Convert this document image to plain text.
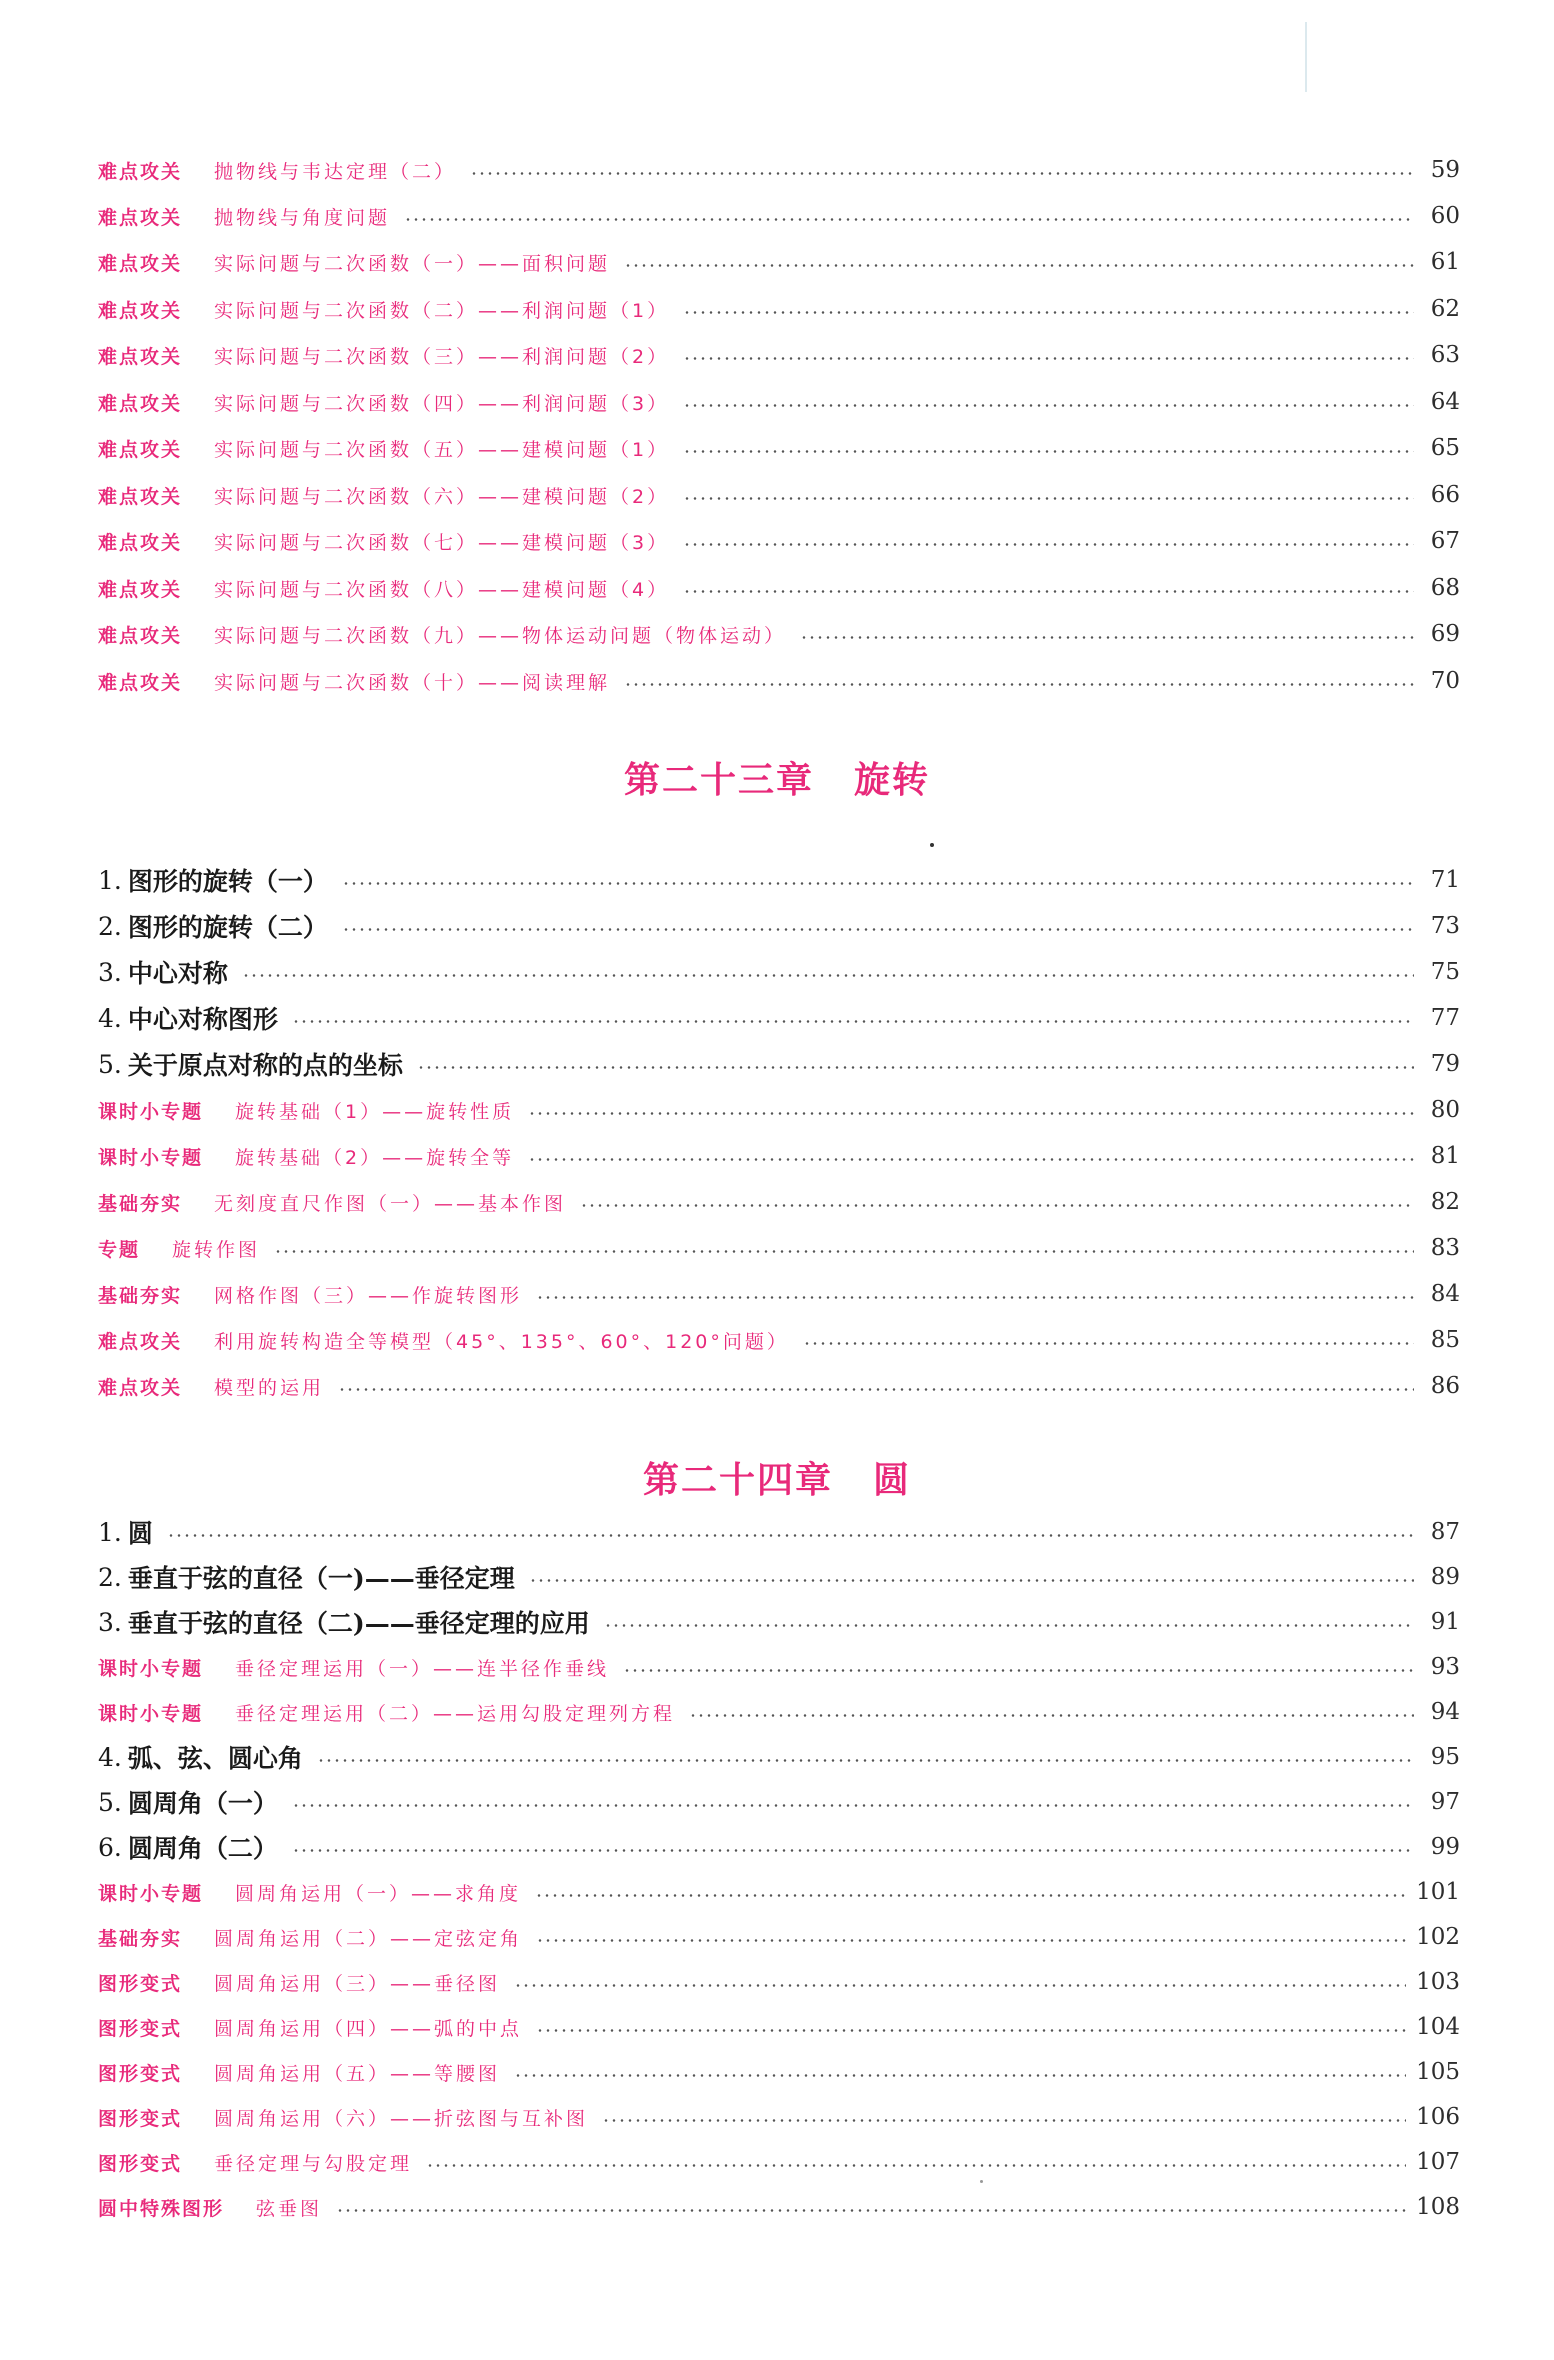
难点攻关 抛物线与韦达定理（二）	59
难点攻关 抛物线与角度问题	60
难点攻关 实际问题与二次函数（一）——面积问题	61
难点攻关 实际问题与二次函数（二）——利润问题（1）	62
难点攻关 实际问题与二次函数（三）——利润问题（2）	63
难点攻关 实际问题与二次函数（四）——利润问题（3）	64
难点攻关 实际问题与二次函数（五）——建模问题（1）	65
难点攻关 实际问题与二次函数（六）——建模问题（2）	66
难点攻关 实际问题与二次函数（七）——建模问题（3）	67
难点攻关 实际问题与二次函数（八）——建模问题（4）	68
难点攻关 实际问题与二次函数（九）——物体运动问题（物体运动）	69
难点攻关 实际问题与二次函数（十）——阅读理解	70
第二十三章 旋转
1. 图形的旋转（一）	71
2. 图形的旋转（二）	73
3. 中心对称	75
4. 中心对称图形	77
5. 关于原点对称的点的坐标	79
课时小专题 旋转基础（1）——旋转性质	80
课时小专题 旋转基础（2）——旋转全等	81
基础夯实 无刻度直尺作图（一）——基本作图	82
专题 旋转作图	83
基础夯实 网格作图（三）——作旋转图形	84
难点攻关 利用旋转构造全等模型（45°、135°、60°、120°问题）	85
难点攻关 模型的运用	86
第二十四章 圆
1. 圆	87
2. 垂直于弦的直径（一)——垂径定理	89
3. 垂直于弦的直径（二)——垂径定理的应用	91
课时小专题 垂径定理运用（一）——连半径作垂线	93
课时小专题 垂径定理运用（二）——运用勾股定理列方程	94
4. 弧、弦、圆心角	95
5. 圆周角（一）	97
6. 圆周角（二）	99
课时小专题 圆周角运用（一）——求角度	101
基础夯实 圆周角运用（二）——定弦定角	102
图形变式 圆周角运用（三）——垂径图	103
图形变式 圆周角运用（四）——弧的中点	104
图形变式 圆周角运用（五）——等腰图	105
图形变式 圆周角运用（六）——折弦图与互补图	106
图形变式 垂径定理与勾股定理	107
圆中特殊图形 弦垂图	108
